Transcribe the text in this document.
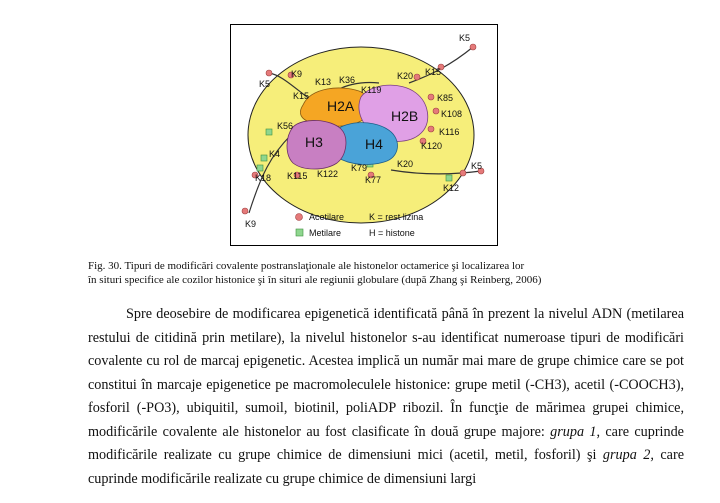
H2A
H2B
H3	H4
K5
K9
K5	K13 K36
K15
K119
K20 K15
K85
K108
K116
K120
K56
K4
K18
K9
K115 K122
K79
K77
K20	K5
K12
Acetilare
Metilare
K = rest lizina
H = histone

Fig. 30. Tipuri de modificări covalente postranslaţionale ale histonelor octamerice şi localizarea lor
în situri specifice ale cozilor histonice şi în situri ale regiunii globulare (după Zhang şi Reinberg, 2006)

Spre deosebire de modificarea epigenetică identificată până în prezent la nivelul ADN (metilarea restului de citidină prin metilare), la nivelul histonelor s-au identificat numeroase tipuri de modificări covalente cu rol de marcaj epigenetic. Acestea implică un număr mai mare de grupe chimice care se pot constitui în marcaje epigenetice pe macromoleculele histonice: grupe metil (-CH3), acetil (-COOCH3), fosforil (-PO3), ubiquitil, sumoil, biotinil, poliADP ribozil. În funcţie de mărimea grupei chimice, modificările covalente ale histonelor au fost clasificate în două grupe majore: grupa 1, care cuprinde modificările realizate cu grupe chimice de dimensiuni mici (acetil, metil, fosforil) şi grupa 2, care cuprinde modificările realizate cu grupe chimice de dimensiuni largi
